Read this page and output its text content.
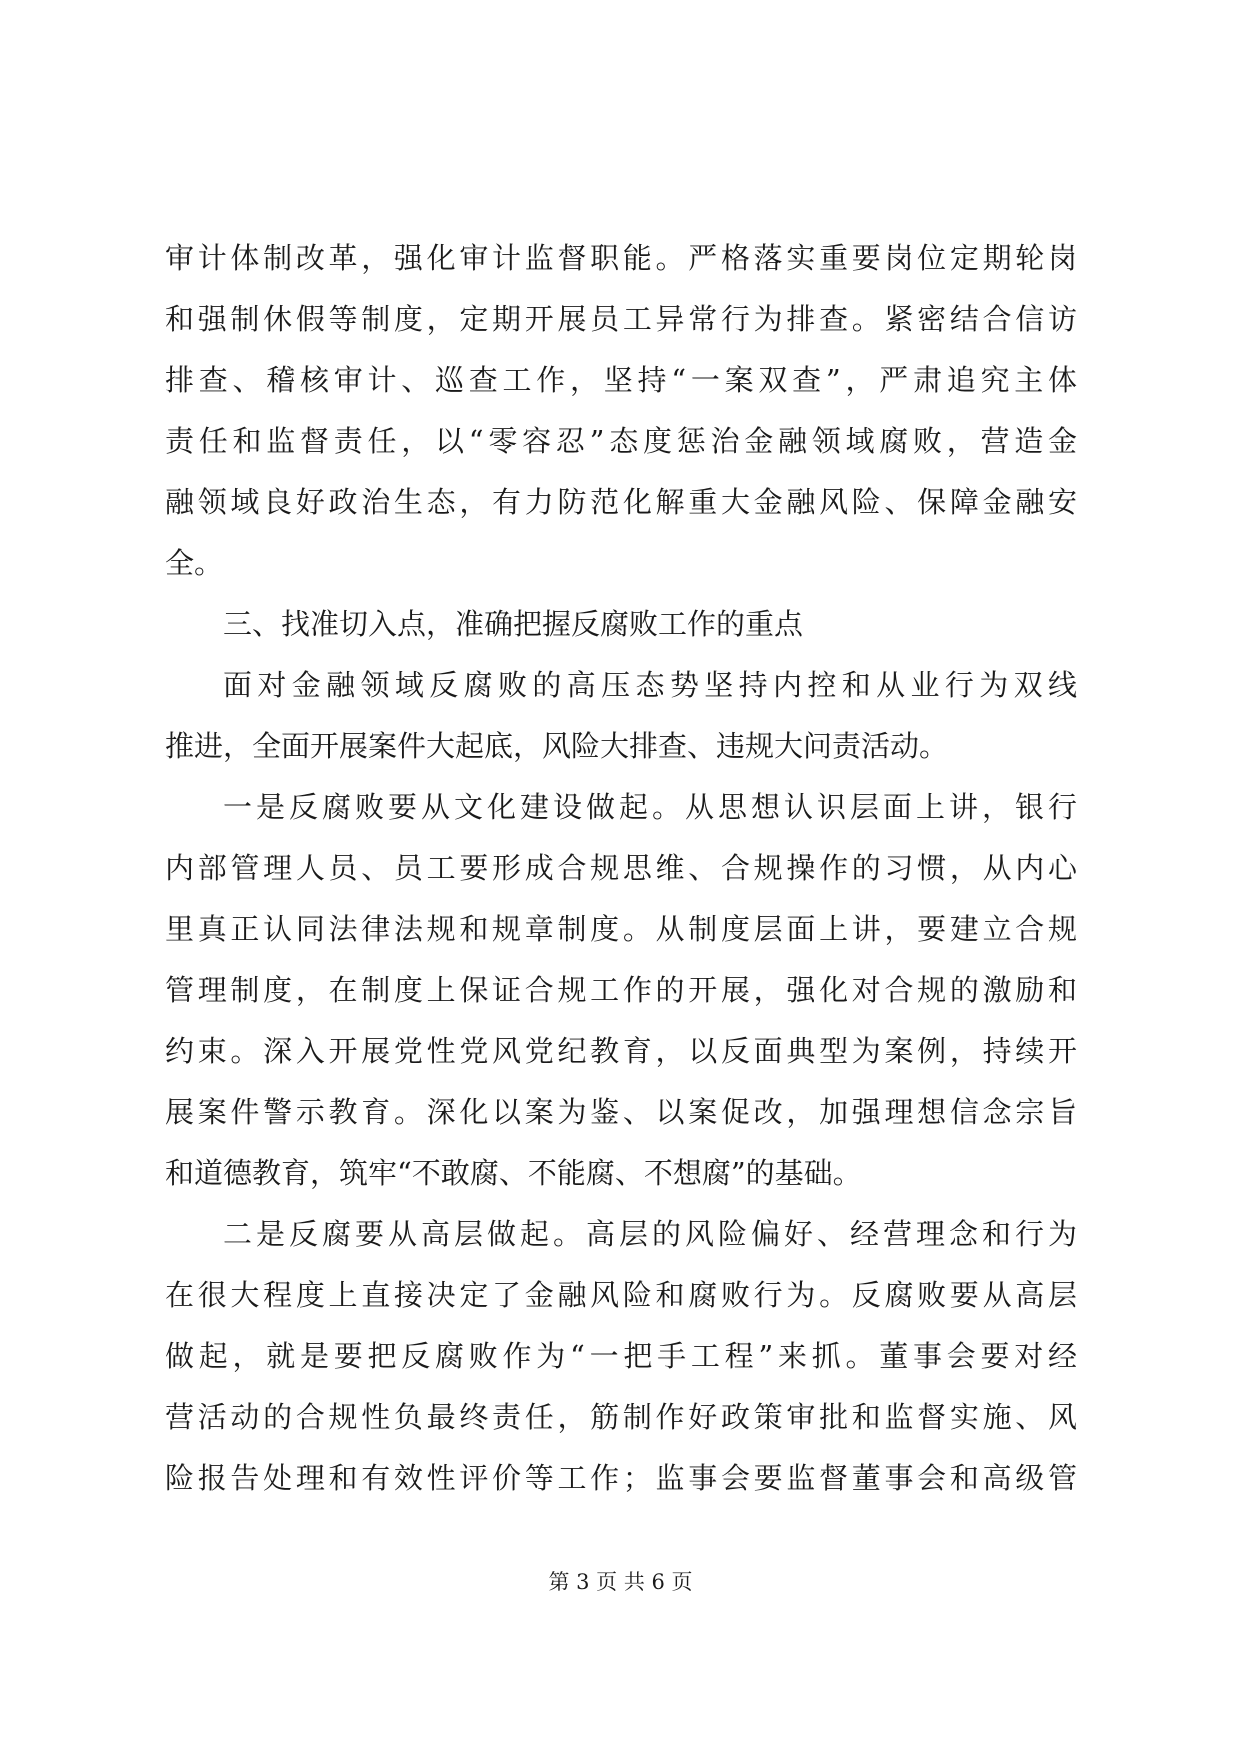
审计体制改革，强化审计监督职能。严格落实重要岗位定期轮岗
和强制休假等制度，定期开展员工异常行为排查。紧密结合信访
排查、稽核审计、巡查工作，坚持“一案双查”，严肃追究主体
责任和监督责任，以“零容忍”态度惩治金融领域腐败，营造金
融领域良好政治生态，有力防范化解重大金融风险、保障金融安
全。
三、找准切入点，准确把握反腐败工作的重点
面对金融领域反腐败的高压态势坚持内控和从业行为双线
推进，全面开展案件大起底，风险大排查、违规大问责活动。
一是反腐败要从文化建设做起。从思想认识层面上讲，银行
内部管理人员、员工要形成合规思维、合规操作的习惯，从内心
里真正认同法律法规和规章制度。从制度层面上讲，要建立合规
管理制度，在制度上保证合规工作的开展，强化对合规的激励和
约束。深入开展党性党风党纪教育，以反面典型为案例，持续开
展案件警示教育。深化以案为鉴、以案促改，加强理想信念宗旨
和道德教育，筑牢“不敢腐、不能腐、不想腐”的基础。
二是反腐要从高层做起。高层的风险偏好、经营理念和行为
在很大程度上直接决定了金融风险和腐败行为。反腐败要从高层
做起，就是要把反腐败作为“一把手工程”来抓。董事会要对经
营活动的合规性负最终责任，筋制作好政策审批和监督实施、风
险报告处理和有效性评价等工作；监事会要监督董事会和高级管
第 3 页 共 6 页
